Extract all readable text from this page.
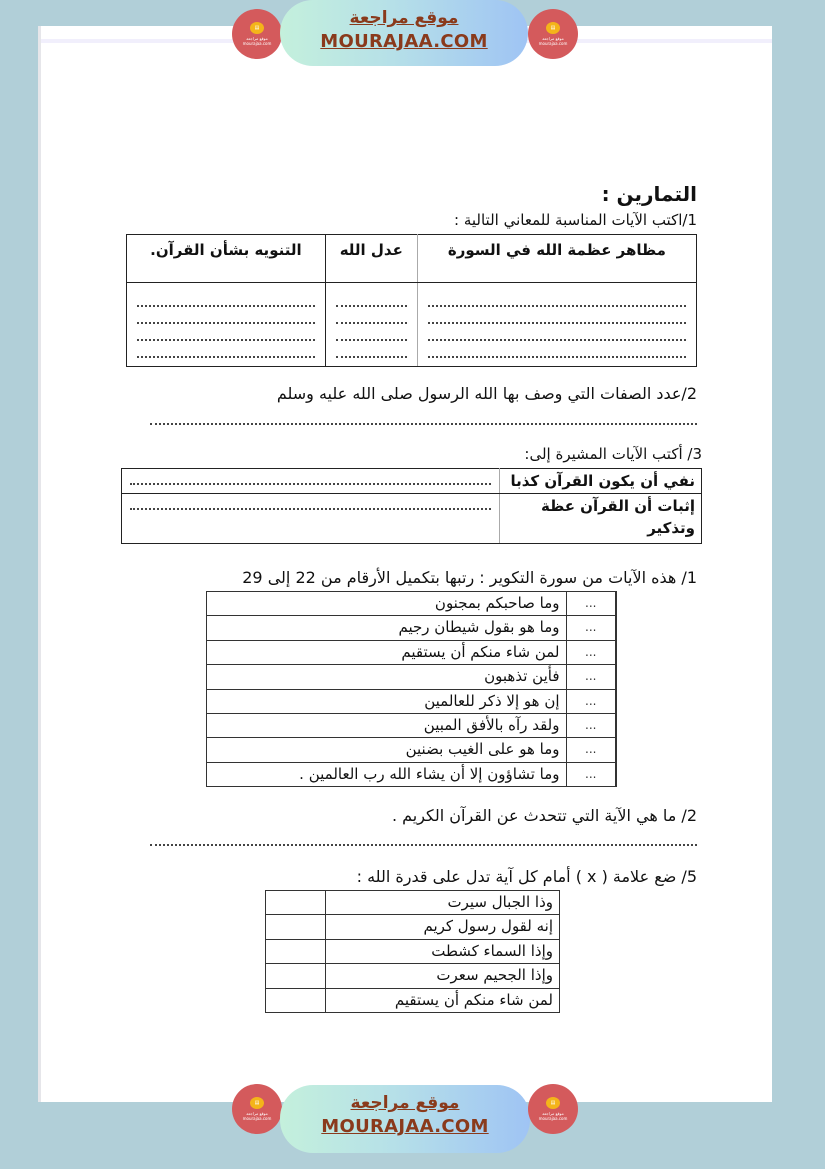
▤
موقع مراجعة mourajaa.com
موقع مراجعة
MOURAJAA.COM
▤
موقع مراجعة mourajaa.com
التمارين :
1/اكتب الآيات المناسبة للمعاني التالية :
مظاهر عظمة الله في السورة	عدل الله	التنويه بشأن القرآن.

2/عدد الصفات التي وصف بها الله الرسول صلى الله عليه وسلم
3/ أكتب الآيات المشيرة إلى:
نفي أن يكون القرآن كذبا	

إثبات أن القرآن عظة وتذكير	
1/ هذه الآيات من سورة التكوير : رتبها بتكميل الأرقام من 22 إلى 29
...	وما صاحبكم بمجنون
...	وما هو بقول شيطان رجيم
...	لمن شاء منكم أن يستقيم
...	فأين تذهبون
...	إن هو إلا ذكر للعالمين
...	ولقد رآه بالأفق المبين
...	وما هو على الغيب بضنين
...	وما تشاؤون إلا أن يشاء الله رب العالمين .
2/ ما هي الآية التي تتحدث عن القرآن الكريم .
5/ ضع علامة ( x ) أمام كل آية تدل على قدرة الله :
وذا الجبال سيرت	
إنه لقول رسول كريم	
وإذا السماء كشطت	
وإذا الجحيم سعرت	
لمن شاء منكم أن يستقيم	
▤
موقع مراجعة mourajaa.com
موقع مراجعة
MOURAJAA.COM
▤
موقع مراجعة mourajaa.com
